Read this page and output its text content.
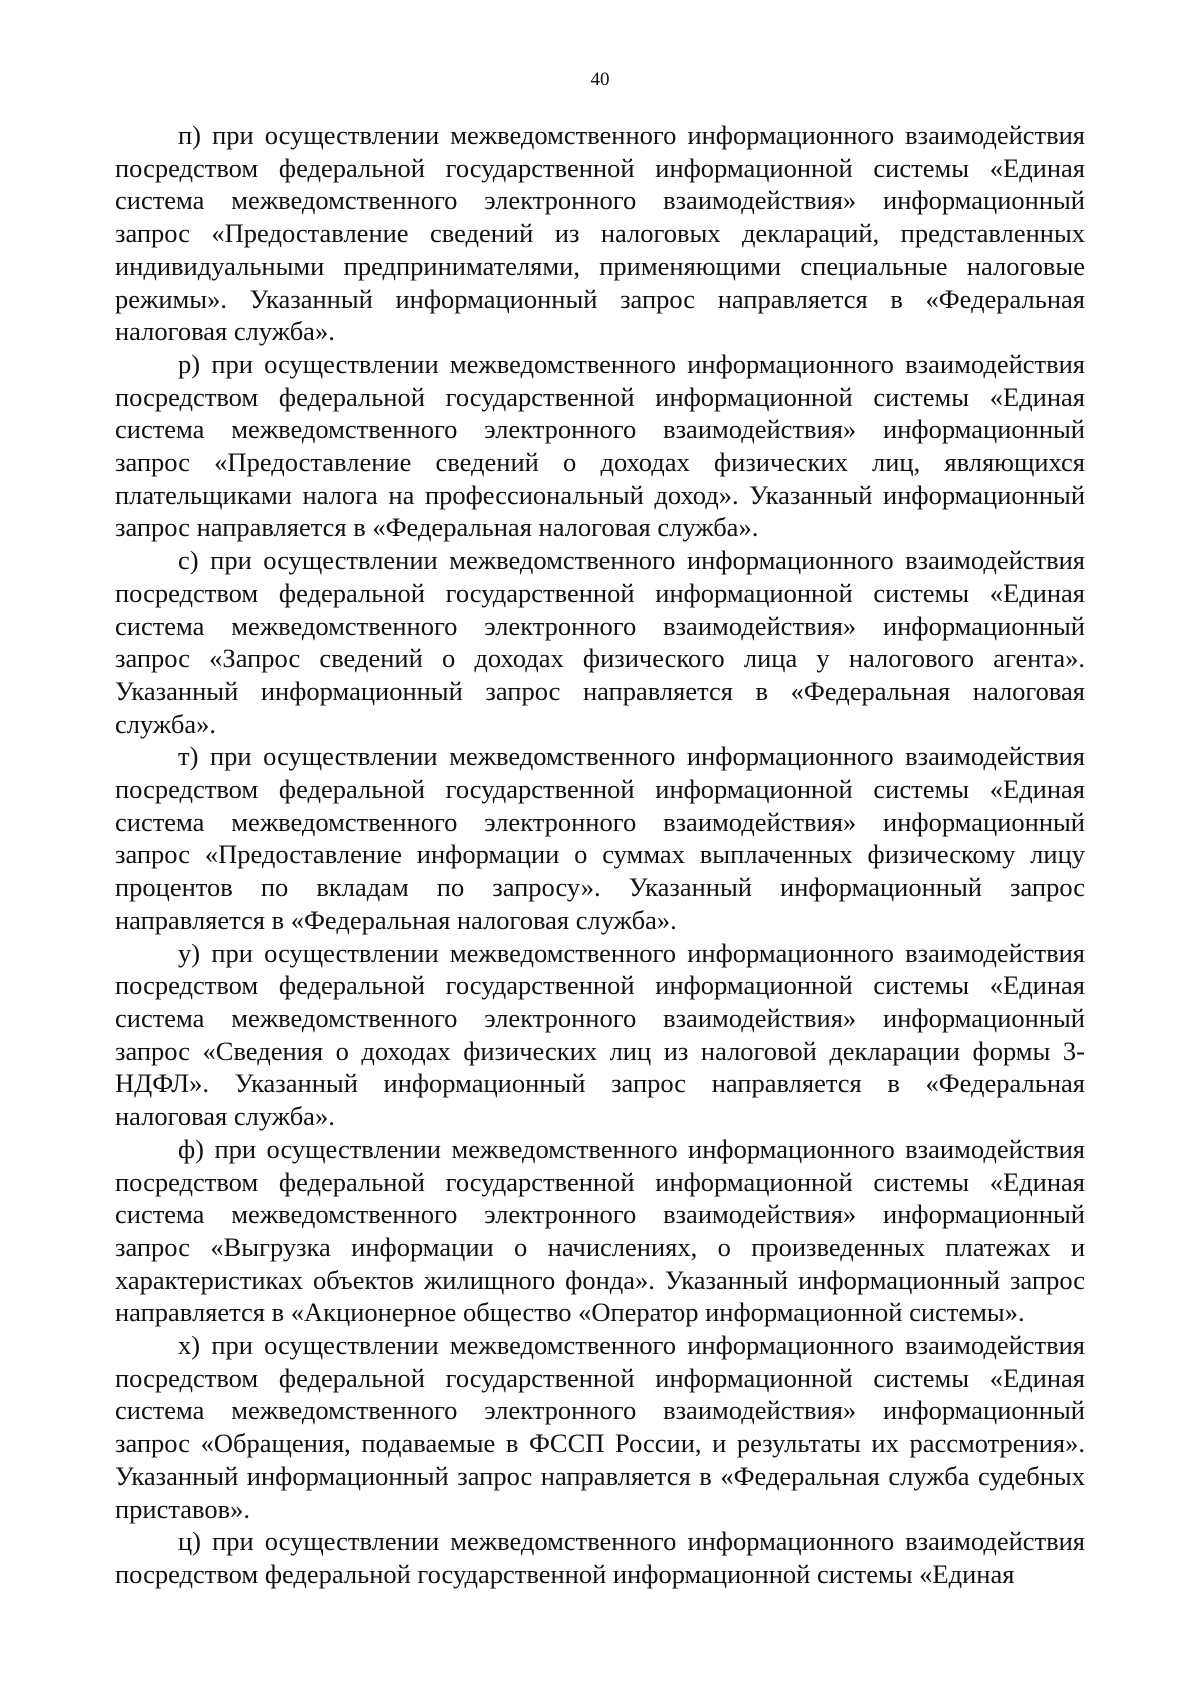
40

п) при осуществлении межведомственного информационного взаимодействия посредством федеральной государственной информационной системы «Единая система межведомственного электронного взаимодействия» информационный запрос «Предоставление сведений из налоговых деклараций, представленных индивидуальными предпринимателями, применяющими специальные налоговые режимы». Указанный информационный запрос направляется в «Федеральная налоговая служба».

р) при осуществлении межведомственного информационного взаимодействия посредством федеральной государственной информационной системы «Единая система межведомственного электронного взаимодействия» информационный запрос «Предоставление сведений о доходах физических лиц, являющихся плательщиками налога на профессиональный доход». Указанный информационный запрос направляется в «Федеральная налоговая служба».

с) при осуществлении межведомственного информационного взаимодействия посредством федеральной государственной информационной системы «Единая система межведомственного электронного взаимодействия» информационный запрос «Запрос сведений о доходах физического лица у налогового агента». Указанный информационный запрос направляется в «Федеральная налоговая служба».

т) при осуществлении межведомственного информационного взаимодействия посредством федеральной государственной информационной системы «Единая система межведомственного электронного взаимодействия» информационный запрос «Предоставление информации о суммах выплаченных физическому лицу процентов по вкладам по запросу». Указанный информационный запрос направляется в «Федеральная налоговая служба».

у) при осуществлении межведомственного информационного взаимодействия посредством федеральной государственной информационной системы «Единая система межведомственного электронного взаимодействия» информационный запрос «Сведения о доходах физических лиц из налоговой декларации формы 3-НДФЛ». Указанный информационный запрос направляется в «Федеральная налоговая служба».

ф) при осуществлении межведомственного информационного взаимодействия посредством федеральной государственной информационной системы «Единая система межведомственного электронного взаимодействия» информационный запрос «Выгрузка информации о начислениях, о произведенных платежах и характеристиках объектов жилищного фонда». Указанный информационный запрос направляется в «Акционерное общество «Оператор информационной системы».

х) при осуществлении межведомственного информационного взаимодействия посредством федеральной государственной информационной системы «Единая система межведомственного электронного взаимодействия» информационный запрос «Обращения, подаваемые в ФССП России, и результаты их рассмотрения». Указанный информационный запрос направляется в «Федеральная служба судебных приставов».

ц) при осуществлении межведомственного информационного взаимодействия посредством федеральной государственной информационной системы «Единая
